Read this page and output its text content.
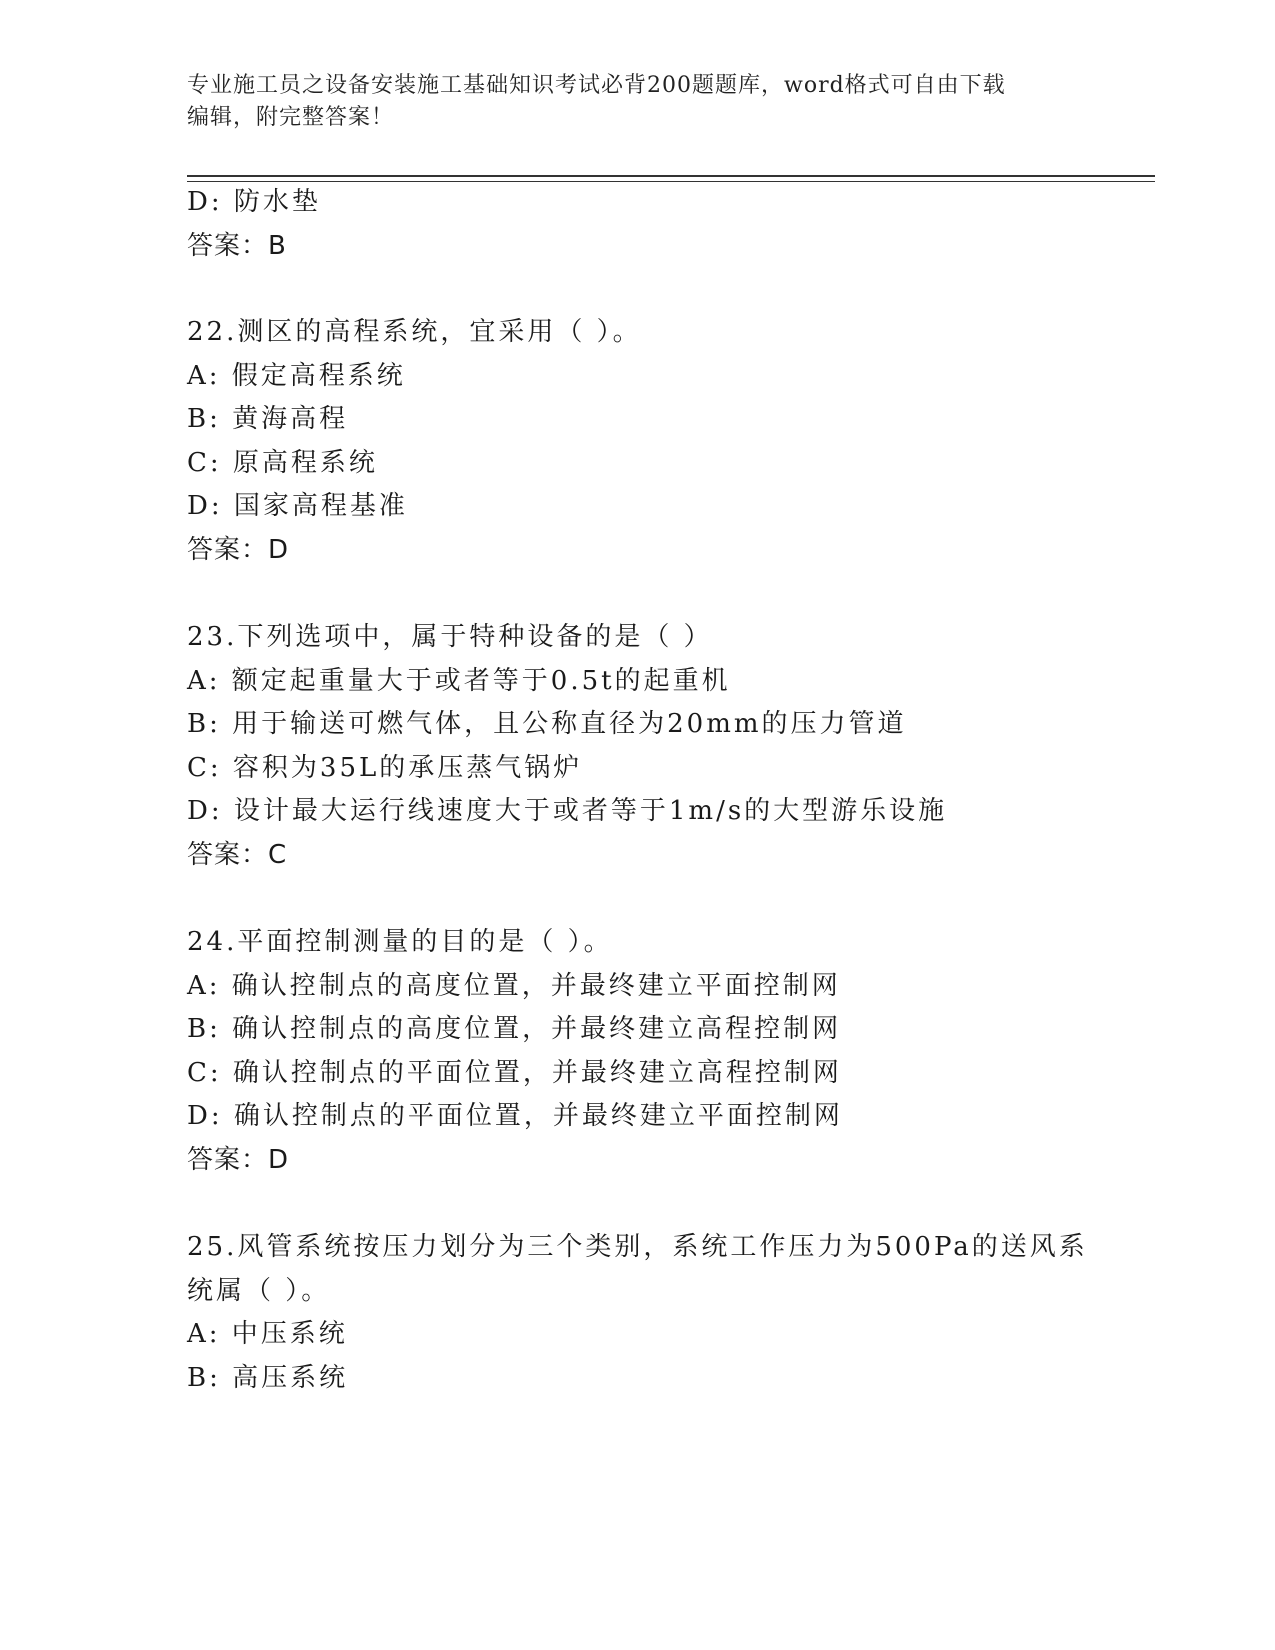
专业施工员之设备安装施工基础知识考试必背200题题库，word格式可自由下载
编辑，附完整答案！
D: 防水垫
答案：B
22.测区的高程系统，宜采用（ ）。
A: 假定高程系统
B: 黄海高程
C: 原高程系统
D: 国家高程基准
答案：D
23.下列选项中，属于特种设备的是（ ）
A: 额定起重量大于或者等于0.5t的起重机
B: 用于输送可燃气体，且公称直径为20mm的压力管道
C: 容积为35L的承压蒸气锅炉
D: 设计最大运行线速度大于或者等于1m/s的大型游乐设施
答案：C
24.平面控制测量的目的是（ ）。
A: 确认控制点的高度位置，并最终建立平面控制网
B: 确认控制点的高度位置，并最终建立高程控制网
C: 确认控制点的平面位置，并最终建立高程控制网
D: 确认控制点的平面位置，并最终建立平面控制网
答案：D
25.风管系统按压力划分为三个类别，系统工作压力为500Pa的送风系
统属（ ）。
A: 中压系统
B: 高压系统
